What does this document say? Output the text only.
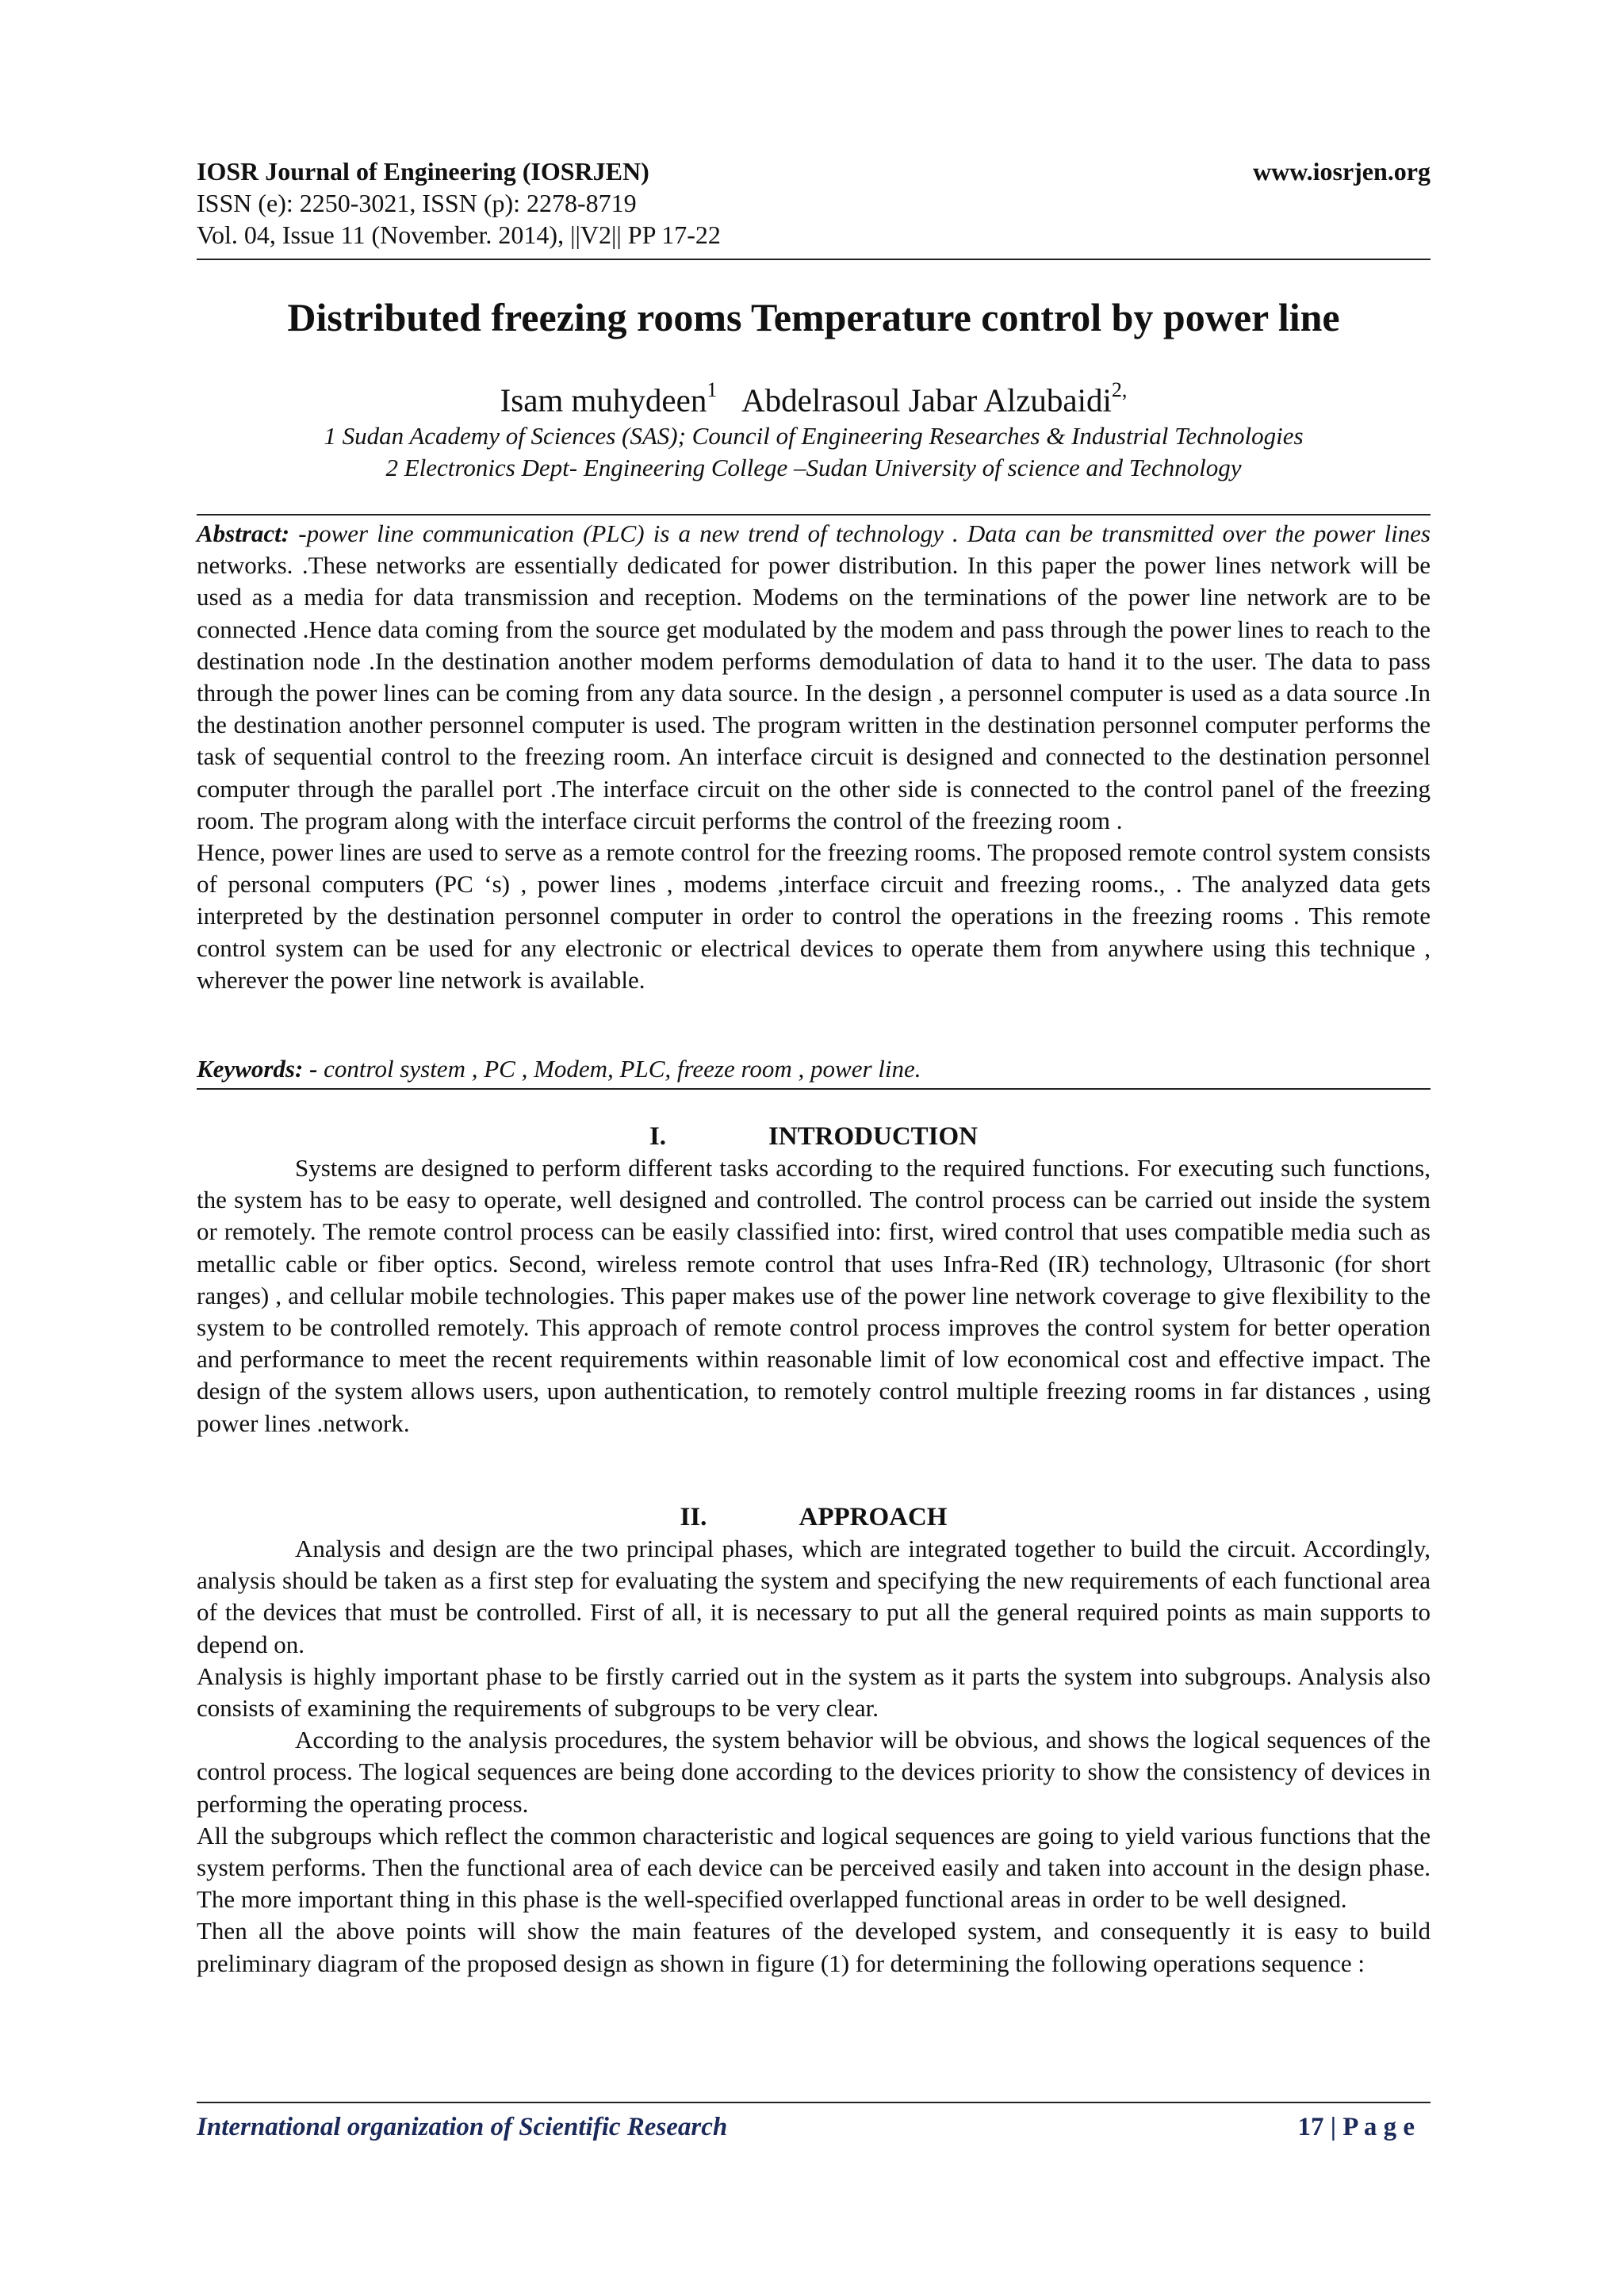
IOSR Journal of Engineering (IOSRJEN)	www.iosrjen.org
ISSN (e): 2250-3021, ISSN (p): 2278-8719
Vol. 04, Issue 11 (November. 2014), ||V2|| PP 17-22
Distributed freezing rooms Temperature control by power line
Isam muhydeen$^1$ Abdelrasoul Jabar Alzubaidi$^{2,}$
1 Sudan Academy of Sciences (SAS); Council of Engineering Researches & Industrial Technologies
2 Electronics Dept- Engineering College –Sudan University of science and Technology

Abstract: -power line communication (PLC) is a new trend of technology . Data can be transmitted over the power lines networks. .These networks are essentially dedicated for power distribution. In this paper the power lines network will be used as a media for data transmission and reception. Modems on the terminations of the power line network are to be connected .Hence data coming from the source get modulated by the modem and pass through the power lines to reach to the destination node .In the destination another modem performs demodulation of data to hand it to the user. The data to pass through the power lines can be coming from any data source. In the design , a personnel computer is used as a data source .In the destination another personnel computer is used. The program written in the destination personnel computer performs the task of sequential control to the freezing room. An interface circuit is designed and connected to the destination personnel computer through the parallel port .The interface circuit on the other side is connected to the control panel of the freezing room. The program along with the interface circuit performs the control of the freezing room .

Hence, power lines are used to serve as a remote control for the freezing rooms. The proposed remote control system consists of personal computers (PC ‘s) , power lines , modems ,interface circuit and freezing rooms., . The analyzed data gets interpreted by the destination personnel computer in order to control the operations in the freezing rooms . This remote control system can be used for any electronic or electrical devices to operate them from anywhere using this technique , wherever the power line network is available.

Keywords: - control system , PC , Modem, PLC, freeze room , power line.
I.	INTRODUCTION

Systems are designed to perform different tasks according to the required functions. For executing such functions, the system has to be easy to operate, well designed and controlled. The control process can be carried out inside the system or remotely. The remote control process can be easily classified into: first, wired control that uses compatible media such as metallic cable or fiber optics. Second, wireless remote control that uses Infra-Red (IR) technology, Ultrasonic (for short ranges) , and cellular mobile technologies. This paper makes use of the power line network coverage to give flexibility to the system to be controlled remotely. This approach of remote control process improves the control system for better operation and performance to meet the recent requirements within reasonable limit of low economical cost and effective impact. The design of the system allows users, upon authentication, to remotely control multiple freezing rooms in far distances , using power lines .network.

II.	APPROACH

Analysis and design are the two principal phases, which are integrated together to build the circuit. Accordingly, analysis should be taken as a first step for evaluating the system and specifying the new requirements of each functional area of the devices that must be controlled. First of all, it is necessary to put all the general required points as main supports to depend on.

Analysis is highly important phase to be firstly carried out in the system as it parts the system into subgroups. Analysis also consists of examining the requirements of subgroups to be very clear.

According to the analysis procedures, the system behavior will be obvious, and shows the logical sequences of the control process. The logical sequences are being done according to the devices priority to show the consistency of devices in performing the operating process.

All the subgroups which reflect the common characteristic and logical sequences are going to yield various functions that the system performs. Then the functional area of each device can be perceived easily and taken into account in the design phase. The more important thing in this phase is the well-specified overlapped functional areas in order to be well designed.

Then all the above points will show the main features of the developed system, and consequently it is easy to build preliminary diagram of the proposed design as shown in figure (1) for determining the following operations sequence :

International organization of Scientific Research	17 | P a g e
